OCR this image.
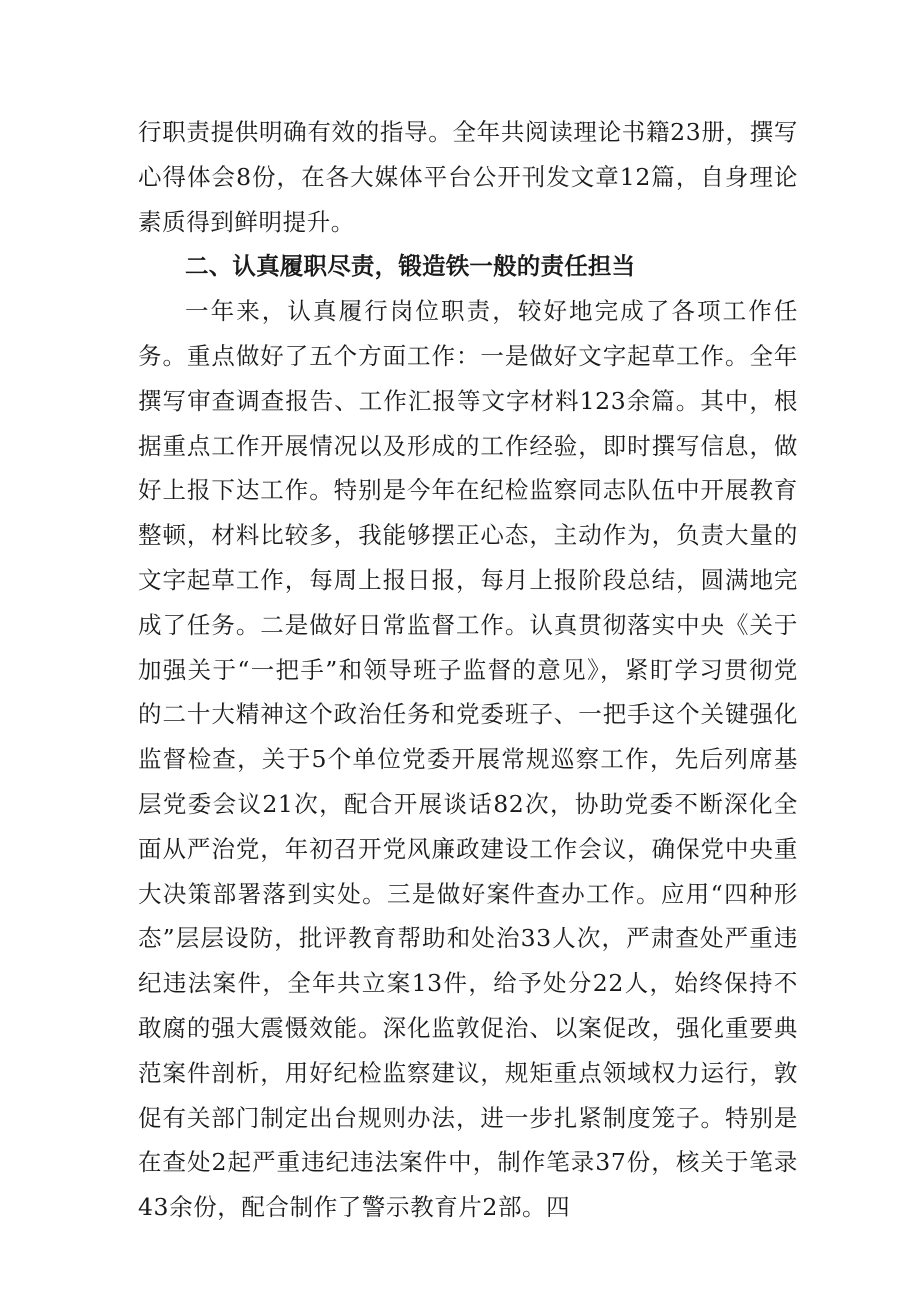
行职责提供明确有效的指导。全年共阅读理论书籍23册，撰写心得体会8份，在各大媒体平台公开刊发文章12篇，自身理论素质得到鲜明提升。

二、认真履职尽责，锻造铁一般的责任担当

一年来，认真履行岗位职责，较好地完成了各项工作任务。重点做好了五个方面工作：一是做好文字起草工作。全年撰写审查调查报告、工作汇报等文字材料123余篇。其中，根据重点工作开展情况以及形成的工作经验，即时撰写信息，做好上报下达工作。特别是今年在纪检监察同志队伍中开展教育整顿，材料比较多，我能够摆正心态，主动作为，负责大量的文字起草工作，每周上报日报，每月上报阶段总结，圆满地完成了任务。二是做好日常监督工作。认真贯彻落实中央《关于加强关于“一把手”和领导班子监督的意见》，紧盯学习贯彻党的二十大精神这个政治任务和党委班子、一把手这个关键强化监督检查，关于5个单位党委开展常规巡察工作，先后列席基层党委会议21次，配合开展谈话82次，协助党委不断深化全面从严治党，年初召开党风廉政建设工作会议，确保党中央重大决策部署落到实处。三是做好案件查办工作。应用“四种形态”层层设防，批评教育帮助和处治33人次，严肃查处严重违纪违法案件，全年共立案13件，给予处分22人，始终保持不敢腐的强大震慑效能。深化监敦促治、以案促改，强化重要典范案件剖析，用好纪检监察建议，规矩重点领域权力运行，敦促有关部门制定出台规则办法，进一步扎紧制度笼子。特别是在查处2起严重违纪违法案件中，制作笔录37份，核关于笔录43余份，配合制作了警示教育片2部。四
